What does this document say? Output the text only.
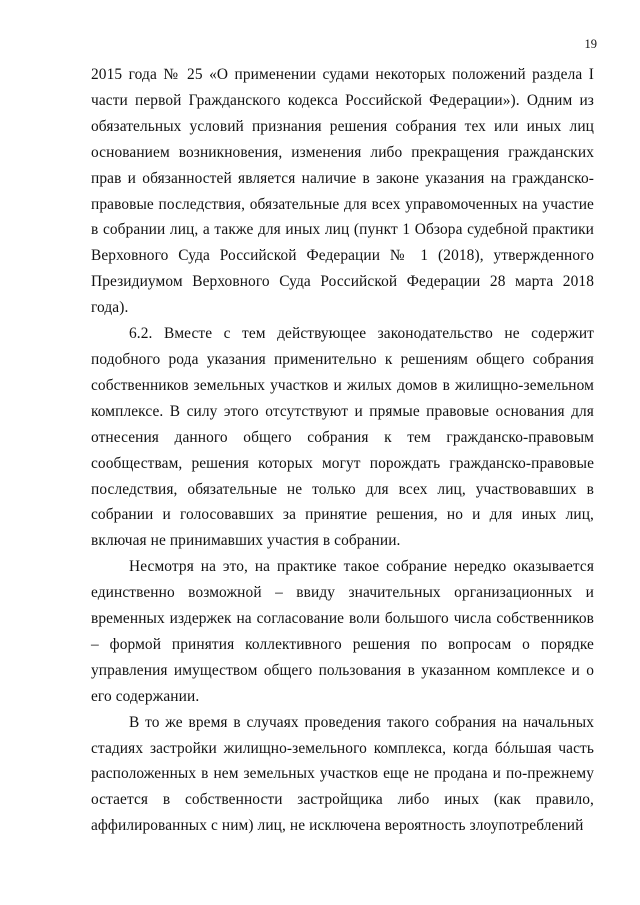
19

2015 года № 25 «О применении судами некоторых положений раздела I части первой Гражданского кодекса Российской Федерации»). Одним из обязательных условий признания решения собрания тех или иных лиц основанием возникновения, изменения либо прекращения гражданских прав и обязанностей является наличие в законе указания на гражданско-правовые последствия, обязательные для всех управомоченных на участие в собрании лиц, а также для иных лиц (пункт 1 Обзора судебной практики Верховного Суда Российской Федерации № 1 (2018), утвержденного Президиумом Верховного Суда Российской Федерации 28 марта 2018 года).

6.2. Вместе с тем действующее законодательство не содержит подобного рода указания применительно к решениям общего собрания собственников земельных участков и жилых домов в жилищно-земельном комплексе. В силу этого отсутствуют и прямые правовые основания для отнесения данного общего собрания к тем гражданско-правовым сообществам, решения которых могут порождать гражданско-правовые последствия, обязательные не только для всех лиц, участвовавших в собрании и голосовавших за принятие решения, но и для иных лиц, включая не принимавших участия в собрании.

Несмотря на это, на практике такое собрание нередко оказывается единственно возможной – ввиду значительных организационных и временных издержек на согласование воли большого числа собственников – формой принятия коллективного решения по вопросам о порядке управления имуществом общего пользования в указанном комплексе и о его содержании.

В то же время в случаях проведения такого собрания на начальных стадиях застройки жилищно-земельного комплекса, когда бóльшая часть расположенных в нем земельных участков еще не продана и по-прежнему остается в собственности застройщика либо иных (как правило, аффилированных с ним) лиц, не исключена вероятность злоупотреблений
